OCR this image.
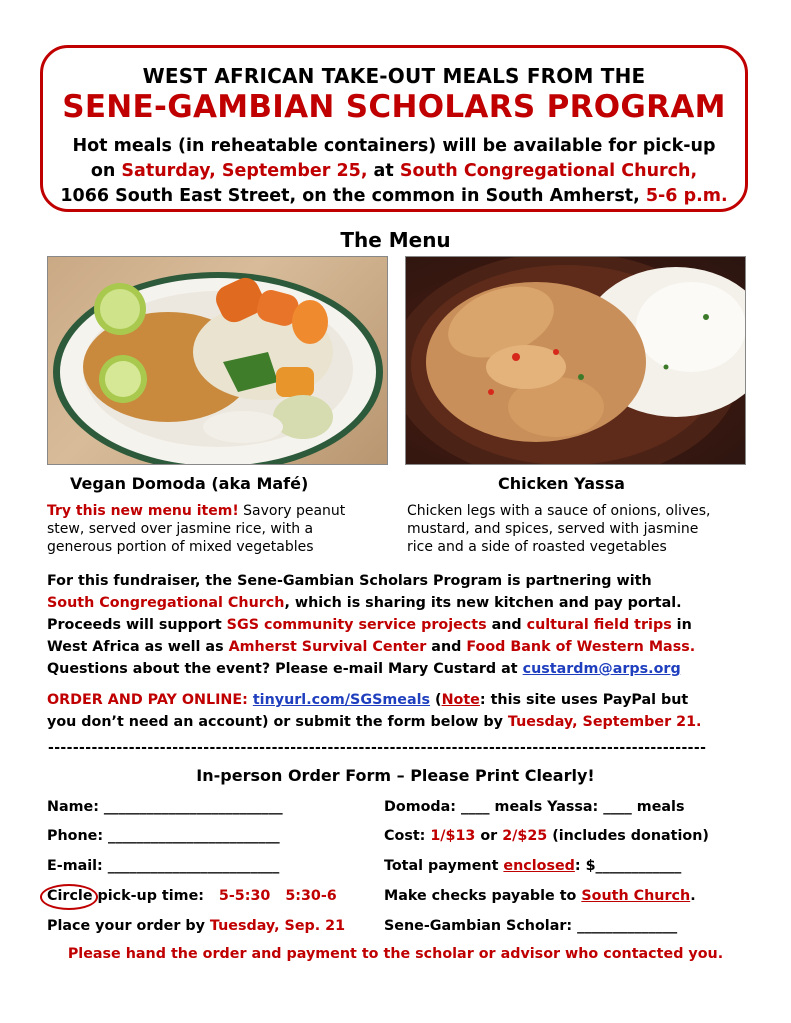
WEST AFRICAN TAKE-OUT MEALS FROM THE
SENE-GAMBIAN SCHOLARS PROGRAM
Hot meals (in reheatable containers) will be available for pick-up
on Saturday, September 25, at South Congregational Church,
1066 South East Street, on the common in South Amherst, 5-6 p.m.
The Menu
Vegan Domoda (aka Mafé)
Try this new menu item! Savory peanut
stew, served over jasmine rice, with a
generous portion of mixed vegetables
Chicken Yassa
Chicken legs with a sauce of onions, olives,
mustard, and spices, served with jasmine
rice and a side of roasted vegetables
For this fundraiser, the Sene-Gambian Scholars Program is partnering with
South Congregational Church, which is sharing its new kitchen and pay portal.
Proceeds will support SGS community service projects and cultural field trips in
West Africa as well as Amherst Survival Center and Food Bank of Western Mass.
Questions about the event? Please e-mail Mary Custard at custardm@arps.org
ORDER AND PAY ONLINE: tinyurl.com/SGSmeals (Note: this site uses PayPal but
you don’t need an account) or submit the form below by Tuesday, September 21.
----------------------------------------------------------------------------------------------------------
In-person Order Form – Please Print Clearly!
Name: _________________________
Phone: ________________________
E-mail: ________________________
Circle pick-up time: 5-5:30 5:30-6
Place your order by Tuesday, Sep. 21
Domoda: ____ meals Yassa: ____ meals
Cost: 1/$13 or 2/$25 (includes donation)
Total payment enclosed: $____________
Make checks payable to South Church.
Sene-Gambian Scholar: ______________
Please hand the order and payment to the scholar or advisor who contacted you.
